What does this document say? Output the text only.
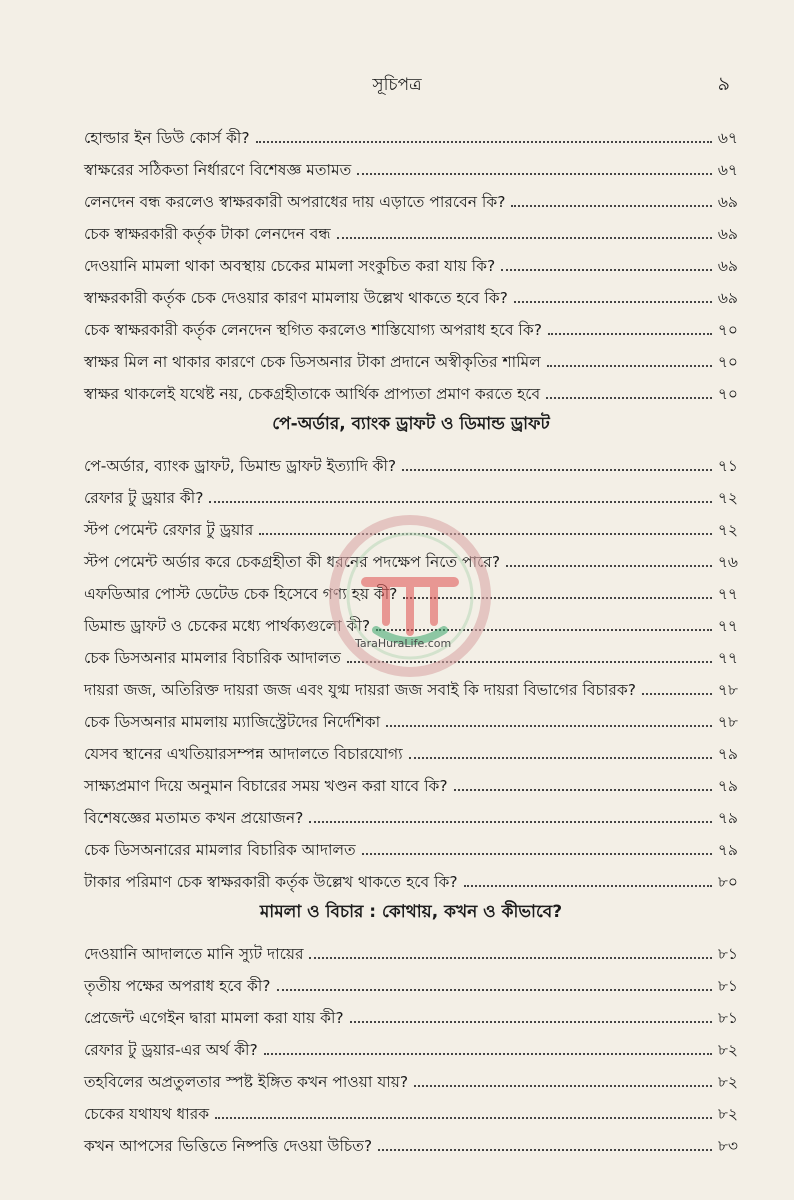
সূচিপত্র	৯
হোল্ডার ইন ডিউ কোর্স কী?	৬৭
স্বাক্ষরের সঠিকতা নির্ধারণে বিশেষজ্ঞ মতামত	৬৭
লেনদেন বন্ধ করলেও স্বাক্ষরকারী অপরাধের দায় এড়াতে পারবেন কি?	৬৯
চেক স্বাক্ষরকারী কর্তৃক টাকা লেনদেন বন্ধ	৬৯
দেওয়ানি মামলা থাকা অবস্থায় চেকের মামলা সংকুচিত করা যায় কি?	৬৯
স্বাক্ষরকারী কর্তৃক চেক দেওয়ার কারণ মামলায় উল্লেখ থাকতে হবে কি?	৬৯
চেক স্বাক্ষরকারী কর্তৃক লেনদেন স্থগিত করলেও শাস্তিযোগ্য অপরাধ হবে কি?	৭০
স্বাক্ষর মিল না থাকার কারণে চেক ডিসঅনার টাকা প্রদানে অস্বীকৃতির শামিল	৭০
স্বাক্ষর থাকলেই যথেষ্ট নয়, চেকগ্রহীতাকে আর্থিক প্রাপ্যতা প্রমাণ করতে হবে	৭০
পে-অর্ডার, ব্যাংক ড্রাফট ও ডিমান্ড ড্রাফট
পে-অর্ডার, ব্যাংক ড্রাফট, ডিমান্ড ড্রাফট ইত্যাদি কী?	৭১
রেফার টু ড্রয়ার কী?	৭২
স্টপ পেমেন্ট রেফার টু ড্রয়ার	৭২
স্টপ পেমেন্ট অর্ডার করে চেকগ্রহীতা কী ধরনের পদক্ষেপ নিতে পারে?	৭৬
এফডিআর পোস্ট ডেটেড চেক হিসেবে গণ্য হয় কী?	৭৭
ডিমান্ড ড্রাফট ও চেকের মধ্যে পার্থক্যগুলো কী?	৭৭
চেক ডিসঅনার মামলার বিচারিক আদালত	৭৭
দায়রা জজ, অতিরিক্ত দায়রা জজ এবং যুগ্ম দায়রা জজ সবাই কি দায়রা বিভাগের বিচারক?	৭৮
চেক ডিসঅনার মামলায় ম্যাজিস্ট্রেটদের নির্দেশিকা	৭৮
যেসব স্থানের এখতিয়ারসম্পন্ন আদালতে বিচারযোগ্য	৭৯
সাক্ষ্যপ্রমাণ দিয়ে অনুমান বিচারের সময় খণ্ডন করা যাবে কি?	৭৯
বিশেষজ্ঞের মতামত কখন প্রয়োজন?	৭৯
চেক ডিসঅনারের মামলার বিচারিক আদালত	৭৯
টাকার পরিমাণ চেক স্বাক্ষরকারী কর্তৃক উল্লেখ থাকতে হবে কি?	৮০
মামলা ও বিচার : কোথায়, কখন ও কীভাবে?
দেওয়ানি আদালতে মানি স্যুট দায়ের	৮১
তৃতীয় পক্ষের অপরাধ হবে কী?	৮১
প্রেজেন্ট এগেইন দ্বারা মামলা করা যায় কী?	৮১
রেফার টু ড্রয়ার-এর অর্থ কী?	৮২
তহবিলের অপ্রতুলতার স্পষ্ট ইঙ্গিত কখন পাওয়া যায়?	৮২
চেকের যথাযথ ধারক	৮২
কখন আপসের ভিত্তিতে নিষ্পত্তি দেওয়া উচিত?	৮৩
TaraHuraLife.com
